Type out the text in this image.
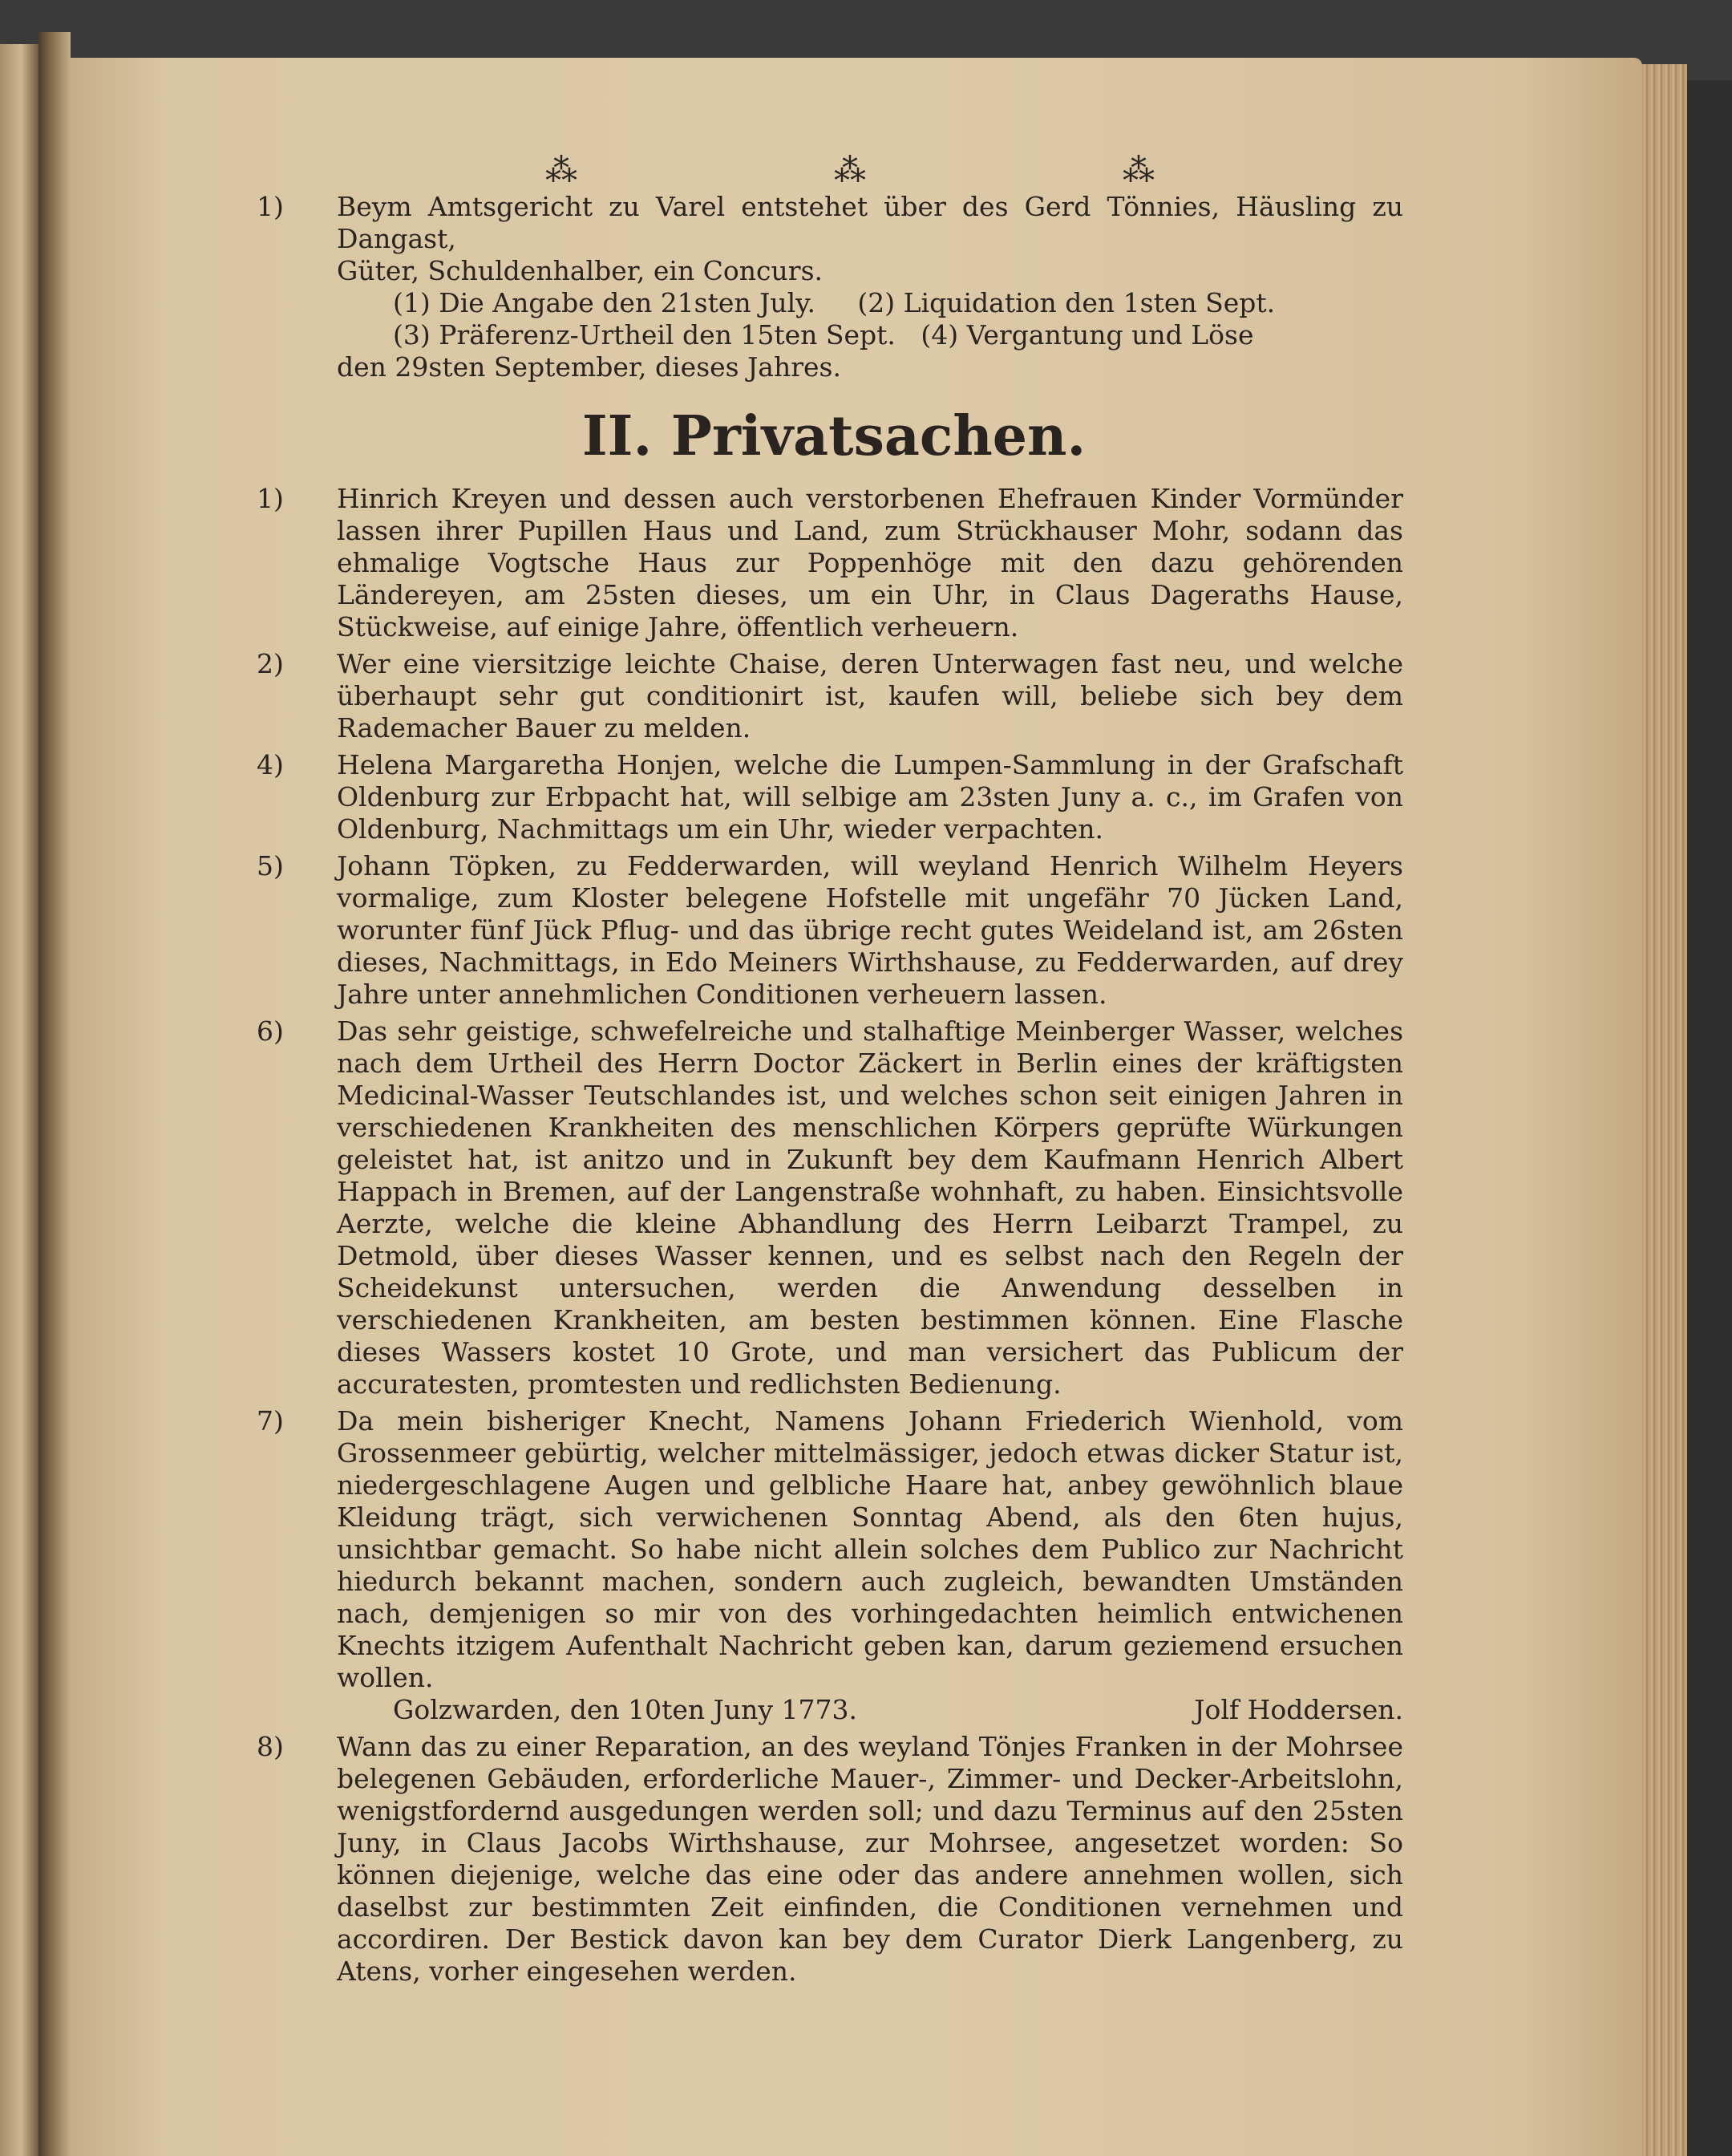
⁂	⁂	⁂
1)	Beym Amtsgericht zu Varel entstehet über des Gerd Tönnies, Häusling zu Dangast,

Güter, Schuldenhalber, ein Concurs.

(1) Die Angabe den 21sten July.     (2) Liquidation den 1sten Sept.

(3) Präferenz-Urtheil den 15ten Sept.   (4) Vergantung und Löse

den 29sten September, dieses Jahres.

II. Privatsachen.
1)	Hinrich Kreyen und dessen auch verstorbenen Ehefrauen Kinder Vormünder lassen ihrer Pupillen Haus und Land, zum Strückhauser Mohr, sodann das ehmalige Vogtsche Haus zur Poppenhöge mit den dazu gehörenden Ländereyen, am 25sten dieses, um ein Uhr, in Claus Dageraths Hause, Stückweise, auf einige Jahre, öffentlich verheuern.

2)	Wer eine viersitzige leichte Chaise, deren Unterwagen fast neu, und welche überhaupt sehr gut conditionirt ist, kaufen will, beliebe sich bey dem Rademacher Bauer zu melden.

4)	Helena Margaretha Honjen, welche die Lumpen-Sammlung in der Grafschaft Oldenburg zur Erbpacht hat, will selbige am 23sten Juny a. c., im Grafen von Oldenburg, Nachmittags um ein Uhr, wieder verpachten.

5)	Johann Töpken, zu Fedderwarden, will weyland Henrich Wilhelm Heyers vormalige, zum Kloster belegene Hofstelle mit ungefähr 70 Jücken Land, worunter fünf Jück Pflug- und das übrige recht gutes Weideland ist, am 26sten dieses, Nachmittags, in Edo Meiners Wirthshause, zu Fedderwarden, auf drey Jahre unter annehmlichen Conditionen verheuern lassen.

6)	Das sehr geistige, schwefelreiche und stalhaftige Meinberger Wasser, welches nach dem Urtheil des Herrn Doctor Zäckert in Berlin eines der kräftigsten Medicinal-Wasser Teutschlandes ist, und welches schon seit einigen Jahren in verschiedenen Krankheiten des menschlichen Körpers geprüfte Würkungen geleistet hat, ist anitzo und in Zukunft bey dem Kaufmann Henrich Albert Happach in Bremen, auf der Langenstraße wohnhaft, zu haben. Einsichtsvolle Aerzte, welche die kleine Abhandlung des Herrn Leibarzt Trampel, zu Detmold, über dieses Wasser kennen, und es selbst nach den Regeln der Scheidekunst untersuchen, werden die Anwendung desselben in verschiedenen Krankheiten, am besten bestimmen können. Eine Flasche dieses Wassers kostet 10 Grote, und man versichert das Publicum der accuratesten, promtesten und redlichsten Bedienung.

7)	Da mein bisheriger Knecht, Namens Johann Friederich Wienhold, vom Grossenmeer gebürtig, welcher mittelmässiger, jedoch etwas dicker Statur ist, niedergeschlagene Augen und gelbliche Haare hat, anbey gewöhnlich blaue Kleidung trägt, sich verwichenen Sonntag Abend, als den 6ten hujus, unsichtbar gemacht. So habe nicht allein solches dem Publico zur Nachricht hiedurch bekannt machen, sondern auch zugleich, bewandten Umständen nach, demjenigen so mir von des vorhingedachten heimlich entwichenen Knechts itzigem Aufenthalt Nachricht geben kan, darum geziemend ersuchen wollen.

Golzwarden, den 10ten Juny 1773.	Jolf Hoddersen.
8)	Wann das zu einer Reparation, an des weyland Tönjes Franken in der Mohrsee belegenen Gebäuden, erforderliche Mauer-, Zimmer- und Decker-Arbeitslohn, wenigstfordernd ausgedungen werden soll; und dazu Terminus auf den 25sten Juny, in Claus Jacobs Wirthshause, zur Mohrsee, angesetzet worden: So können diejenige, welche das eine oder das andere annehmen wollen, sich daselbst zur bestimmten Zeit einfinden, die Conditionen vernehmen und accordiren. Der Bestick davon kan bey dem Curator Dierk Langenberg, zu Atens, vorher eingesehen werden.
